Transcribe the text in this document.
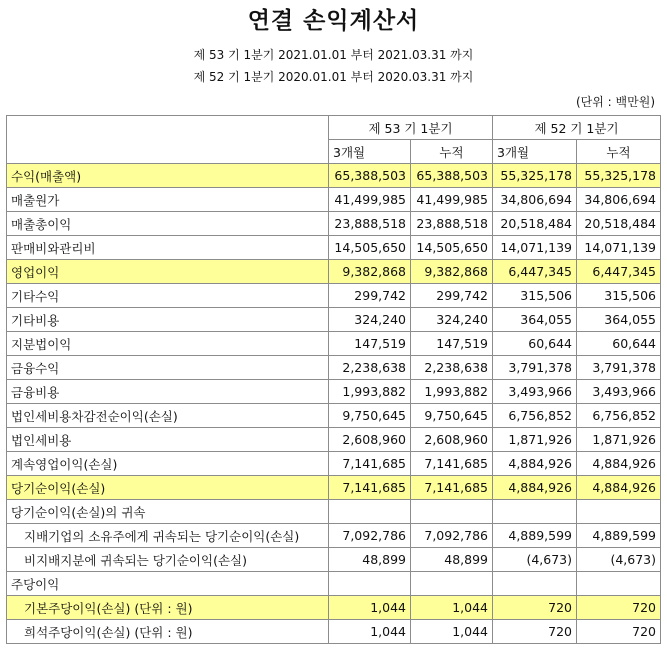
연결 손익계산서
제 53 기 1분기 2021.01.01 부터 2021.03.31 까지
제 52 기 1분기 2020.01.01 부터 2020.03.31 까지
(단위 : 백만원)
	제 53 기 1분기		제 52 기 1분기	
	3개월	누적	3개월	누적
수익(매출액)	65,388,503	65,388,503	55,325,178	55,325,178
매출원가	41,499,985	41,499,985	34,806,694	34,806,694
매출총이익	23,888,518	23,888,518	20,518,484	20,518,484
판매비와관리비	14,505,650	14,505,650	14,071,139	14,071,139
영업이익	9,382,868	9,382,868	6,447,345	6,447,345
기타수익	299,742	299,742	315,506	315,506
기타비용	324,240	324,240	364,055	364,055
지분법이익	147,519	147,519	60,644	60,644
금융수익	2,238,638	2,238,638	3,791,378	3,791,378
금융비용	1,993,882	1,993,882	3,493,966	3,493,966
법인세비용차감전순이익(손실)	9,750,645	9,750,645	6,756,852	6,756,852
법인세비용	2,608,960	2,608,960	1,871,926	1,871,926
계속영업이익(손실)	7,141,685	7,141,685	4,884,926	4,884,926
당기순이익(손실)	7,141,685	7,141,685	4,884,926	4,884,926
당기순이익(손실)의 귀속				
지배기업의 소유주에게 귀속되는 당기순이익(손실)	7,092,786	7,092,786	4,889,599	4,889,599
비지배지분에 귀속되는 당기순이익(손실)	48,899	48,899	(4,673)	(4,673)
주당이익				
기본주당이익(손실) (단위 : 원)	1,044	1,044	720	720
희석주당이익(손실) (단위 : 원)	1,044	1,044	720	720
